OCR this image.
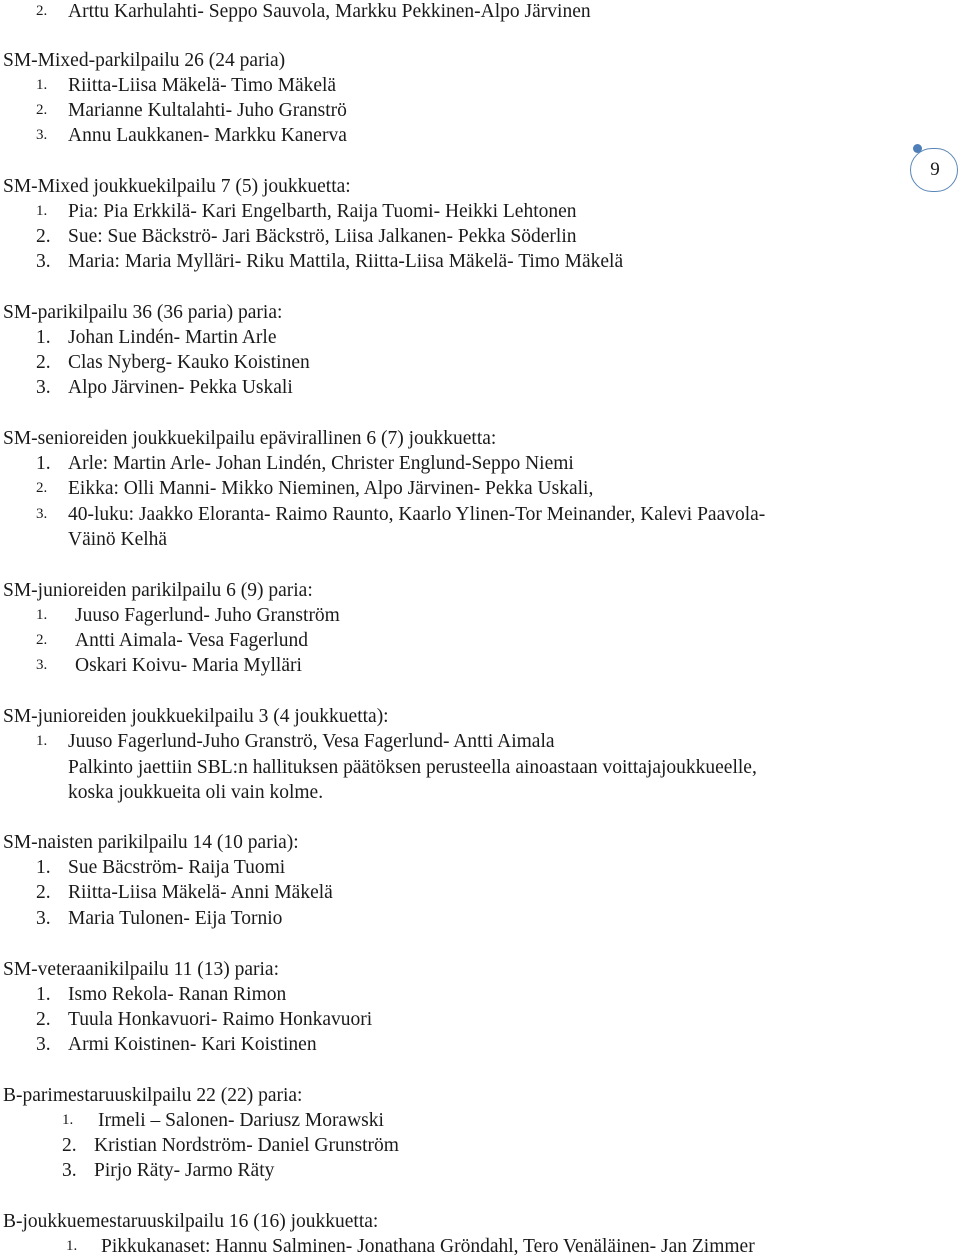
9
2. Arttu Karhulahti- Seppo Sauvola, Markku Pekkinen-Alpo Järvinen
SM-Mixed-parkilpailu 26 (24 paria)
1. Riitta-Liisa Mäkelä- Timo Mäkelä
2. Marianne Kultalahti- Juho Granströ
3. Annu Laukkanen- Markku Kanerva
SM-Mixed joukkuekilpailu 7 (5) joukkuetta:
1. Pia: Pia Erkkilä- Kari Engelbarth, Raija Tuomi- Heikki Lehtonen
2. Sue: Sue Bäckströ- Jari Bäckströ, Liisa Jalkanen- Pekka Söderlin
3. Maria: Maria Mylläri- Riku Mattila, Riitta-Liisa Mäkelä- Timo Mäkelä
SM-parikilpailu 36 (36 paria) paria:
1. Johan Lindén- Martin Arle
2. Clas Nyberg- Kauko Koistinen
3. Alpo Järvinen- Pekka Uskali
SM-senioreiden joukkuekilpailu epävirallinen 6 (7) joukkuetta:
1. Arle: Martin Arle- Johan Lindén, Christer Englund-Seppo Niemi
2. Eikka: Olli Manni- Mikko Nieminen, Alpo Järvinen- Pekka Uskali,
3. 40-luku: Jaakko Eloranta- Raimo Raunto, Kaarlo Ylinen-Tor Meinander, Kalevi Paavola-
Väinö Kelhä
SM-junioreiden parikilpailu 6 (9) paria:
1. Juuso Fagerlund- Juho Granström
2. Antti Aimala- Vesa Fagerlund
3. Oskari Koivu- Maria Mylläri
SM-junioreiden joukkuekilpailu 3 (4 joukkuetta):
1. Juuso Fagerlund-Juho Granströ, Vesa Fagerlund- Antti Aimala
Palkinto jaettiin SBL:n hallituksen päätöksen perusteella ainoastaan voittajajoukkueelle,
koska joukkueita oli vain kolme.
SM-naisten parikilpailu 14 (10 paria):
1. Sue Bäcström- Raija Tuomi
2. Riitta-Liisa Mäkelä- Anni Mäkelä
3. Maria Tulonen- Eija Tornio
SM-veteraanikilpailu 11 (13) paria:
1. Ismo Rekola- Ranan Rimon
2. Tuula Honkavuori- Raimo Honkavuori
3. Armi Koistinen- Kari Koistinen
B-parimestaruuskilpailu 22 (22) paria:
1. Irmeli – Salonen- Dariusz Morawski
2. Kristian Nordström- Daniel Grunström
3. Pirjo Räty- Jarmo Räty
B-joukkuemestaruuskilpailu 16 (16) joukkuetta:
1. Pikkukanaset: Hannu Salminen- Jonathana Gröndahl, Tero Venäläinen- Jan Zimmer
